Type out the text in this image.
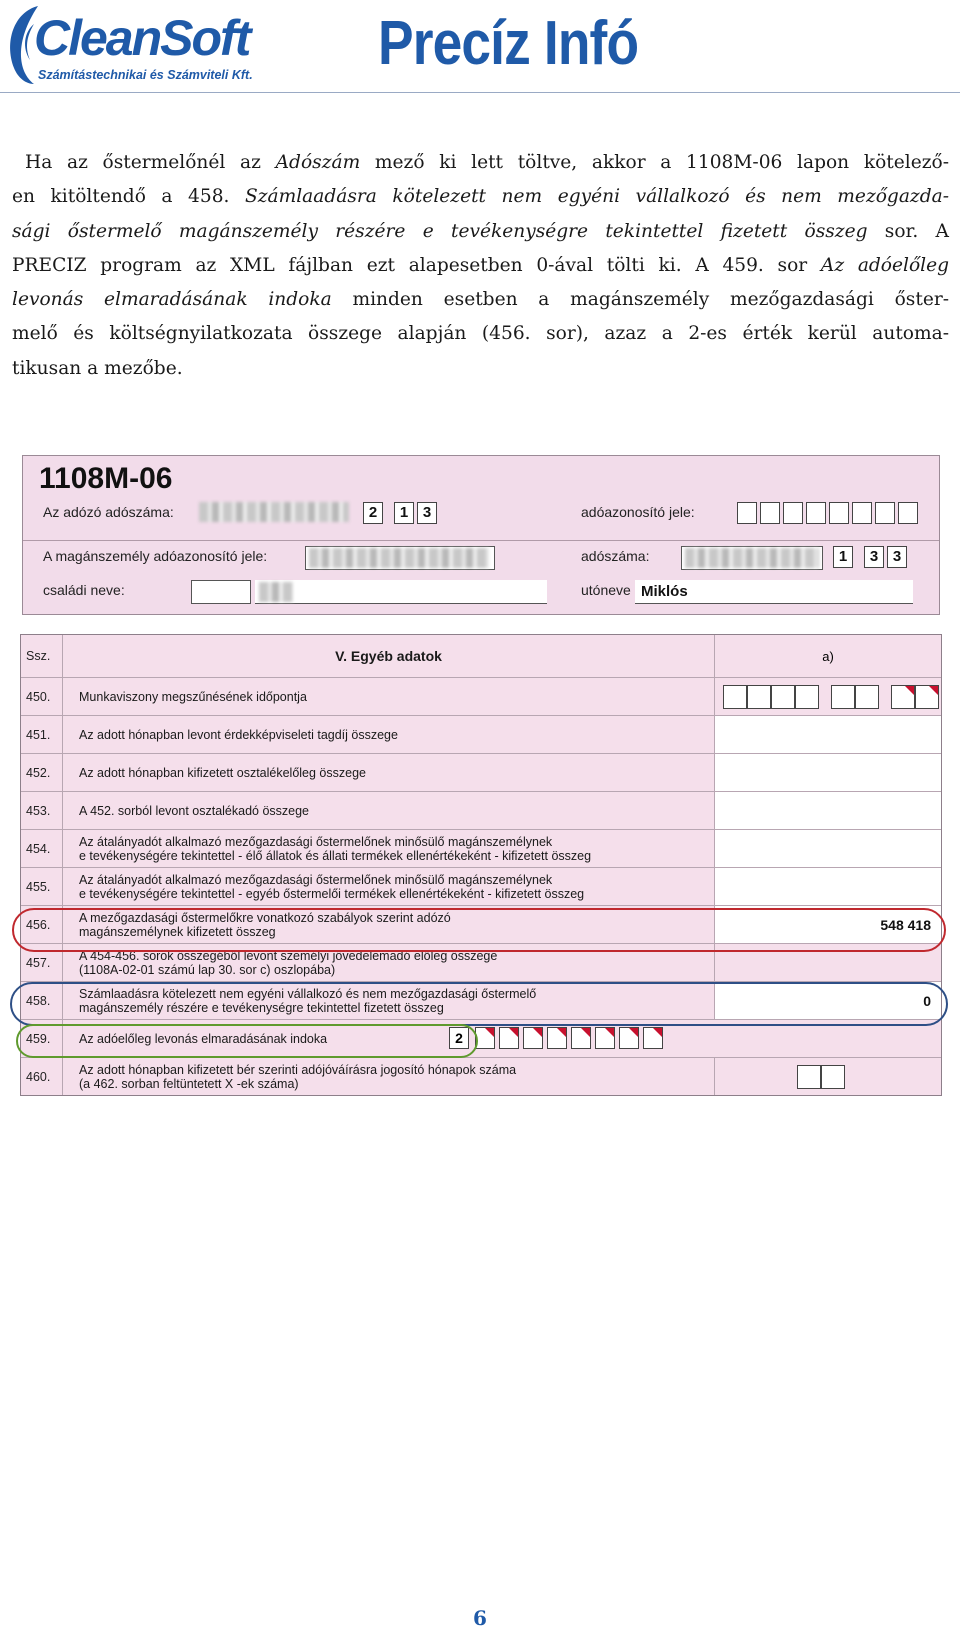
CleanSoft
Számítástechnikai és Számviteli Kft. Precíz Infó
Ha az őstermelőnél az Adószám mező ki lett töltve, akkor a 1108M-06 lapon kötelező-
en kitöltendő a 458. Számlaadásra kötelezett nem egyéni vállalkozó és nem mezőgazda-
sági őstermelő magánszemély részére e tevékenységre tekintettel fizetett összeg sor. A
PRECIZ program az XML fájlban ezt alapesetben 0-ával tölti ki. A 459. sor Az adóelőleg
levonás elmaradásának indoka minden esetben a magánszemély mezőgazdasági őster-
melő és költségnyilatkozata összege alapján (456. sor), azaz a 2-es érték kerül automa-
tikusan a mezőbe.
1108M-06
Az adózó adószáma:	2	1 3	adóazonosító jele:
A magánszemély adóazonosító jele:	adószáma:	1	3 3
családi neve:	utóneve Miklós
Ssz.	V. Egyéb adatok	a)
450.	Munkaviszony megszűnésének időpontja
451.	Az adott hónapban levont érdekképviseleti tagdíj összege
452.	Az adott hónapban kifizetett osztalékelőleg összege
453.	A 452. sorból levont osztalékadó összege
454.	Az átalányadót alkalmazó mezőgazdasági őstermelőnek minősülő magánszemélynek
e tevékenységére tekintettel - élő állatok és állati termékek ellenértékeként - kifizetett összeg
455.	Az átalányadót alkalmazó mezőgazdasági őstermelőnek minősülő magánszemélynek
e tevékenységére tekintettel - egyéb őstermelői termékek ellenértékeként - kifizetett összeg
456.	A mezőgazdasági őstermelőkre vonatkozó szabályok szerint adózó
magánszemélynek kifizetett összeg	548 418
457.	A 454-456. sorok összegéből levont személyi jövedelemadó előleg összege
(1108A-02-01 számú lap 30. sor c) oszlopába)
458.	Számlaadásra kötelezett nem egyéni vállalkozó és nem mezőgazdasági őstermelő
magánszemély részére e tevékenységre tekintettel fizetett összeg	0
459.	Az adóelőleg levonás elmaradásának indoka	2
460.	Az adott hónapban kifizetett bér szerinti adójóváírásra jogosító hónapok száma
(a 462. sorban feltüntetett X -ek száma)
6
